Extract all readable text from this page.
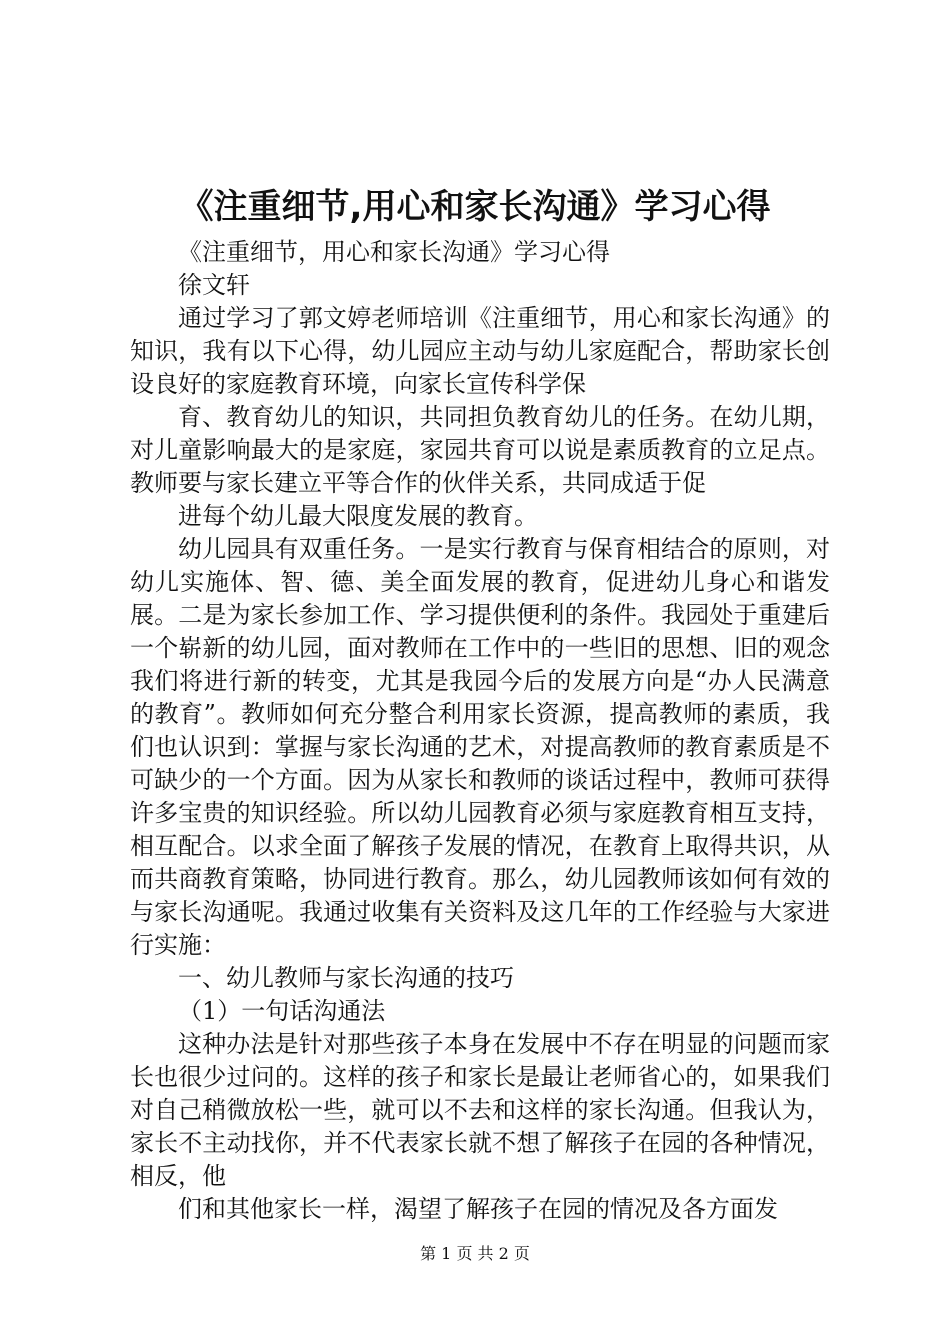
《注重细节,用心和家长沟通》学习心得

《注重细节，用心和家长沟通》学习心得

徐文轩

通过学习了郭文婷老师培训《注重细节，用心和家长沟通》的知识，我有以下心得，幼儿园应主动与幼儿家庭配合，帮助家长创设良好的家庭教育环境，向家长宣传科学保

育、教育幼儿的知识，共同担负教育幼儿的任务。在幼儿期，对儿童影响最大的是家庭，家园共育可以说是素质教育的立足点。教师要与家长建立平等合作的伙伴关系，共同成适于促

进每个幼儿最大限度发展的教育。

幼儿园具有双重任务。一是实行教育与保育相结合的原则，对幼儿实施体、智、德、美全面发展的教育，促进幼儿身心和谐发展。二是为家长参加工作、学习提供便利的条件。我园处于重建后一个崭新的幼儿园，面对教师在工作中的一些旧的思想、旧的观念我们将进行新的转变，尤其是我园今后的发展方向是“办人民满意的教育”。教师如何充分整合利用家长资源，提高教师的素质，我们也认识到：掌握与家长沟通的艺术，对提高教师的教育素质是不可缺少的一个方面。因为从家长和教师的谈话过程中，教师可获得许多宝贵的知识经验。所以幼儿园教育必须与家庭教育相互支持，相互配合。以求全面了解孩子发展的情况，在教育上取得共识，从而共商教育策略，协同进行教育。那么，幼儿园教师该如何有效的与家长沟通呢。我通过收集有关资料及这几年的工作经验与大家进行实施：

一、幼儿教师与家长沟通的技巧

（1）一句话沟通法

这种办法是针对那些孩子本身在发展中不存在明显的问题而家长也很少过问的。这样的孩子和家长是最让老师省心的，如果我们对自己稍微放松一些，就可以不去和这样的家长沟通。但我认为，家长不主动找你，并不代表家长就不想了解孩子在园的各种情况，相反，他

们和其他家长一样，渴望了解孩子在园的情况及各方面发

第 1 页 共 2 页
